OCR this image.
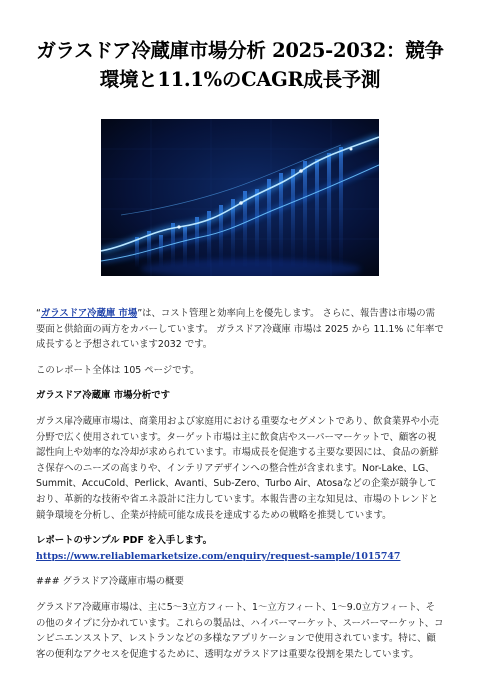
ガラスドア冷蔵庫市場分析 2025-2032：競争環境と11.1%のCAGR成長予測

“ガラスドア冷蔵庫 市場”は、コスト管理と効率向上を優先します。 さらに、報告書は市場の需要面と供給面の両方をカバーしています。 ガラスドア冷蔵庫 市場は 2025 から 11.1% に年率で成長すると予想されています2032 です。

このレポート全体は 105 ページです。

ガラスドア冷蔵庫 市場分析です

ガラス扉冷蔵庫市場は、商業用および家庭用における重要なセグメントであり、飲食業界や小売分野で広く使用されています。ターゲット市場は主に飲食店やスーパーマーケットで、顧客の視認性向上や効率的な冷却が求められています。市場成長を促進する主要な要因には、食品の新鮮さ保存へのニーズの高まりや、インテリアデザインへの整合性が含まれます。Nor-Lake、LG、Summit、AccuCold、Perlick、Avanti、Sub-Zero、Turbo Air、Atosaなどの企業が競争しており、革新的な技術や省エネ設計に注力しています。本報告書の主な知見は、市場のトレンドと競争環境を分析し、企業が持続可能な成長を達成するための戦略を推奨しています。

レポートのサンプル PDF を入手します。  https://www.reliablemarketsize.com/enquiry/request-sample/1015747

### グラスドア冷蔵庫市場の概要

グラスドア冷蔵庫市場は、主に5〜3立方フィート、1〜立方フィート、1〜9.0立方フィート、その他のタイプに分かれています。これらの製品は、ハイパーマーケット、スーパーマーケット、コンビニエンスストア、レストランなどの多様なアプリケーションで使用されています。特に、顧客の便利なアクセスを促進するために、透明なガラスドアは重要な役割を果たしています。
